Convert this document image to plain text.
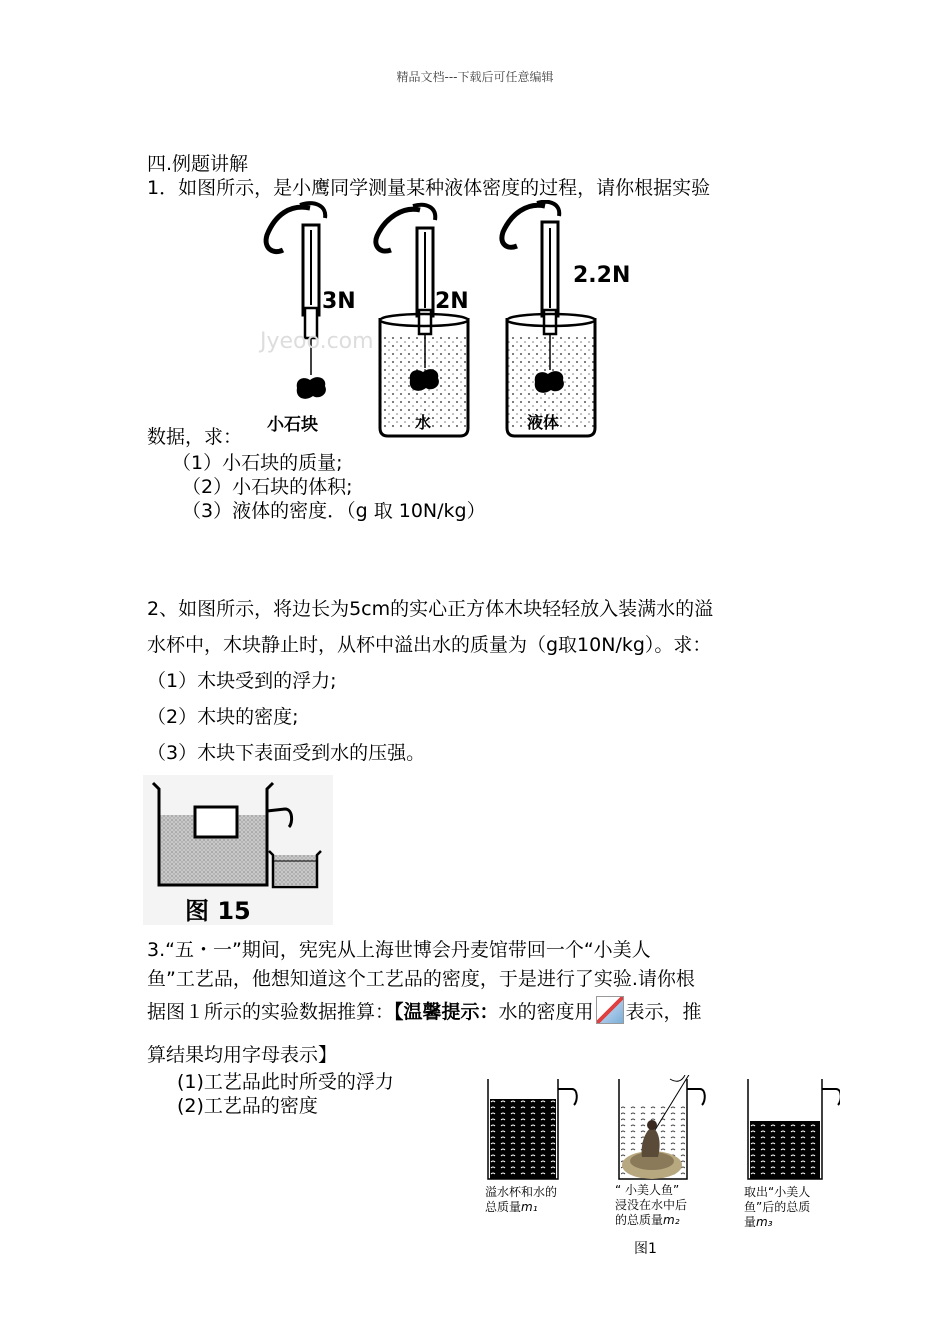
精品文档---下载后可任意编辑
四.例题讲解
1．如图所示，是小鹰同学测量某种液体密度的过程，请你根据实验
3N
小石块
Jyeoo.com
2N
水
2.2N
液体
数据，求：
（1）小石块的质量;
（2）小石块的体积;
（3）液体的密度．（g 取 10N/kg）
2、如图所示，将边长为5cm的实心正方体木块轻轻放入装满水的溢
水杯中，木块静止时，从杯中溢出水的质量为（g取10N/kg）。求：
（1）木块受到的浮力;
（2）木块的密度;
（3）木块下表面受到水的压强。
图 15
3.“五・一”期间，宪宪从上海世博会丹麦馆带回一个“小美人
鱼”工艺品，他想知道这个工艺品的密度，于是进行了实验.请你根
据图１所示的实验数据推算：【温馨提示：水的密度用 表示，推
算结果均用字母表示】
(1)工艺品此时所受的浮力
(2)工艺品的密度
溢水杯和水的
总质量m₁
“ 小美人鱼”
浸没在水中后
的总质量m₂
取出“小美人
鱼”后的总质
量m₃
图1
